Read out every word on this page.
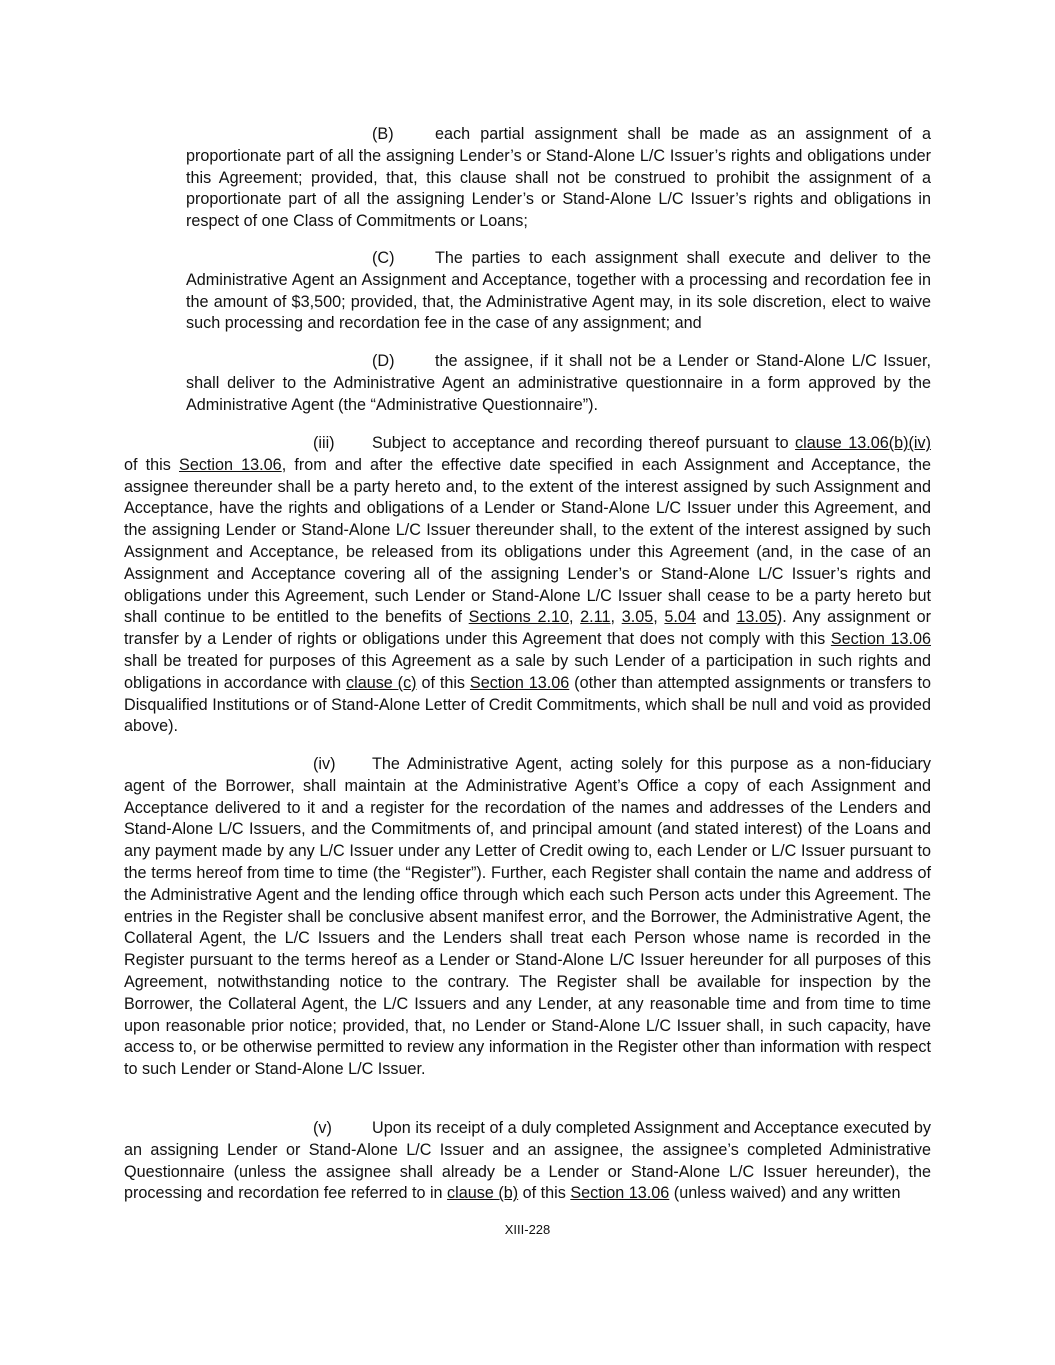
(B)	each partial assignment shall be made as an assignment of a proportionate part of all the assigning Lender’s or Stand-Alone L/C Issuer’s rights and obligations under this Agreement; provided, that, this clause shall not be construed to prohibit the assignment of a proportionate part of all the assigning Lender’s or Stand-Alone L/C Issuer’s rights and obligations in respect of one Class of Commitments or Loans;

(C)	The parties to each assignment shall execute and deliver to the Administrative Agent an Assignment and Acceptance, together with a processing and recordation fee in the amount of $3,500; provided, that, the Administrative Agent may, in its sole discretion, elect to waive such processing and recordation fee in the case of any assignment; and

(D)	the assignee, if it shall not be a Lender or Stand-Alone L/C Issuer, shall deliver to the Administrative Agent an administrative questionnaire in a form approved by the Administrative Agent (the “Administrative Questionnaire”).

(iii) Subject to acceptance and recording thereof pursuant to clause 13.06(b)(iv) of this Section 13.06, from and after the effective date specified in each Assignment and Acceptance, the assignee thereunder shall be a party hereto and, to the extent of the interest assigned by such Assignment and Acceptance, have the rights and obligations of a Lender or Stand-Alone L/C Issuer under this Agreement, and the assigning Lender or Stand-Alone L/C Issuer thereunder shall, to the extent of the interest assigned by such Assignment and Acceptance, be released from its obligations under this Agreement (and, in the case of an Assignment and Acceptance covering all of the assigning Lender’s or Stand-Alone L/C Issuer’s rights and obligations under this Agreement, such Lender or Stand-Alone L/C Issuer shall cease to be a party hereto but shall continue to be entitled to the benefits of Sections 2.10, 2.11, 3.05, 5.04 and 13.05). Any assignment or transfer by a Lender of rights or obligations under this Agreement that does not comply with this Section 13.06 shall be treated for purposes of this Agreement as a sale by such Lender of a participation in such rights and obligations in accordance with clause (c) of this Section 13.06 (other than attempted assignments or transfers to Disqualified Institutions or of Stand-Alone Letter of Credit Commitments, which shall be null and void as provided above).

(iv) The Administrative Agent, acting solely for this purpose as a non-fiduciary agent of the Borrower, shall maintain at the Administrative Agent’s Office a copy of each Assignment and Acceptance delivered to it and a register for the recordation of the names and addresses of the Lenders and Stand-Alone L/C Issuers, and the Commitments of, and principal amount (and stated interest) of the Loans and any payment made by any L/C Issuer under any Letter of Credit owing to, each Lender or L/C Issuer pursuant to the terms hereof from time to time (the “Register”). Further, each Register shall contain the name and address of the Administrative Agent and the lending office through which each such Person acts under this Agreement. The entries in the Register shall be conclusive absent manifest error, and the Borrower, the Administrative Agent, the Collateral Agent, the L/C Issuers and the Lenders shall treat each Person whose name is recorded in the Register pursuant to the terms hereof as a Lender or Stand-Alone L/C Issuer hereunder for all purposes of this Agreement, notwithstanding notice to the contrary. The Register shall be available for inspection by the Borrower, the Collateral Agent, the L/C Issuers and any Lender, at any reasonable time and from time to time upon reasonable prior notice; provided, that, no Lender or Stand-Alone L/C Issuer shall, in such capacity, have access to, or be otherwise permitted to review any information in the Register other than information with respect to such Lender or Stand-Alone L/C Issuer.

(v) Upon its receipt of a duly completed Assignment and Acceptance executed by an assigning Lender or Stand-Alone L/C Issuer and an assignee, the assignee’s completed Administrative Questionnaire (unless the assignee shall already be a Lender or Stand-Alone L/C Issuer hereunder), the processing and recordation fee referred to in clause (b) of this Section 13.06 (unless waived) and any written

XIII-228
